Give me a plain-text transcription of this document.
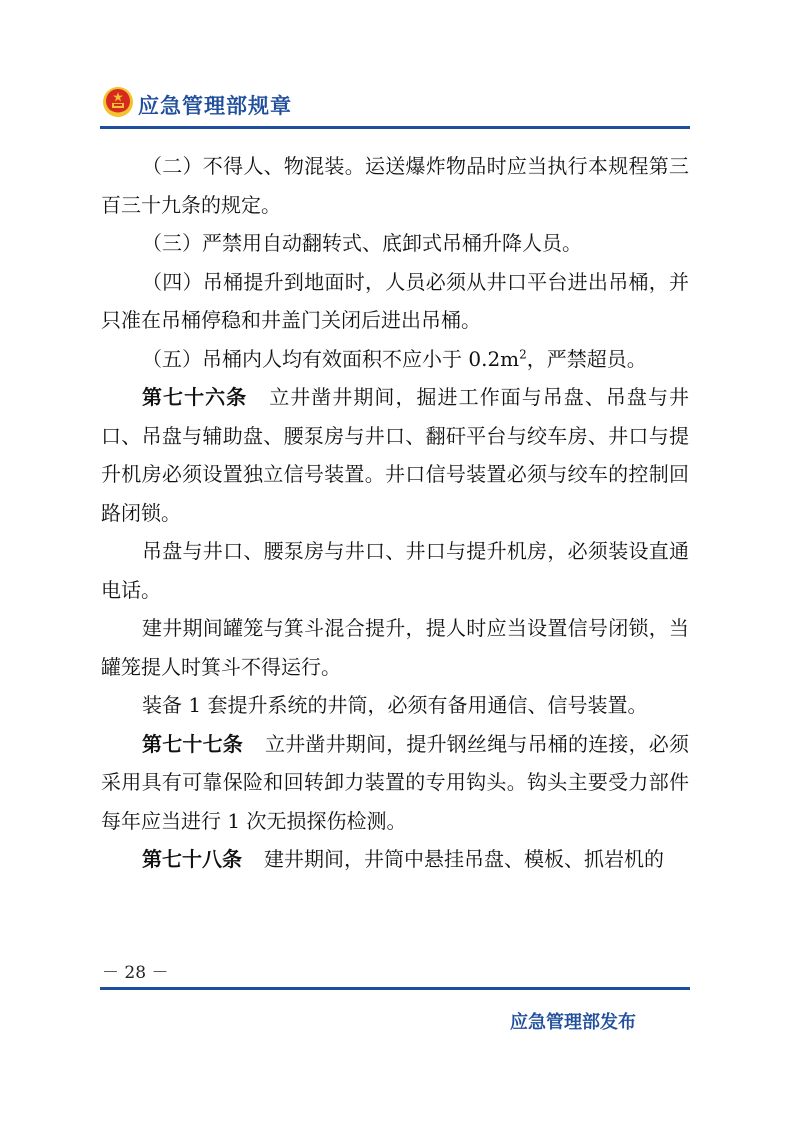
应急管理部规章

（二）不得人、物混装。运送爆炸物品时应当执行本规程第三百三十九条的规定。

（三）严禁用自动翻转式、底卸式吊桶升降人员。

（四）吊桶提升到地面时，人员必须从井口平台进出吊桶，并只准在吊桶停稳和井盖门关闭后进出吊桶。

（五）吊桶内人均有效面积不应小于 $0.2m^2$，严禁超员。

第七十六条 立井凿井期间，掘进工作面与吊盘、吊盘与井口、吊盘与辅助盘、腰泵房与井口、翻矸平台与绞车房、井口与提升机房必须设置独立信号装置。井口信号装置必须与绞车的控制回路闭锁。

吊盘与井口、腰泵房与井口、井口与提升机房，必须装设直通电话。

建井期间罐笼与箕斗混合提升，提人时应当设置信号闭锁，当罐笼提人时箕斗不得运行。

装备 1 套提升系统的井筒，必须有备用通信、信号装置。

第七十七条 立井凿井期间，提升钢丝绳与吊桶的连接，必须采用具有可靠保险和回转卸力装置的专用钩头。钩头主要受力部件每年应当进行 1 次无损探伤检测。

第七十八条 建井期间，井筒中悬挂吊盘、模板、抓岩机的

－ 28 －
应急管理部发布
